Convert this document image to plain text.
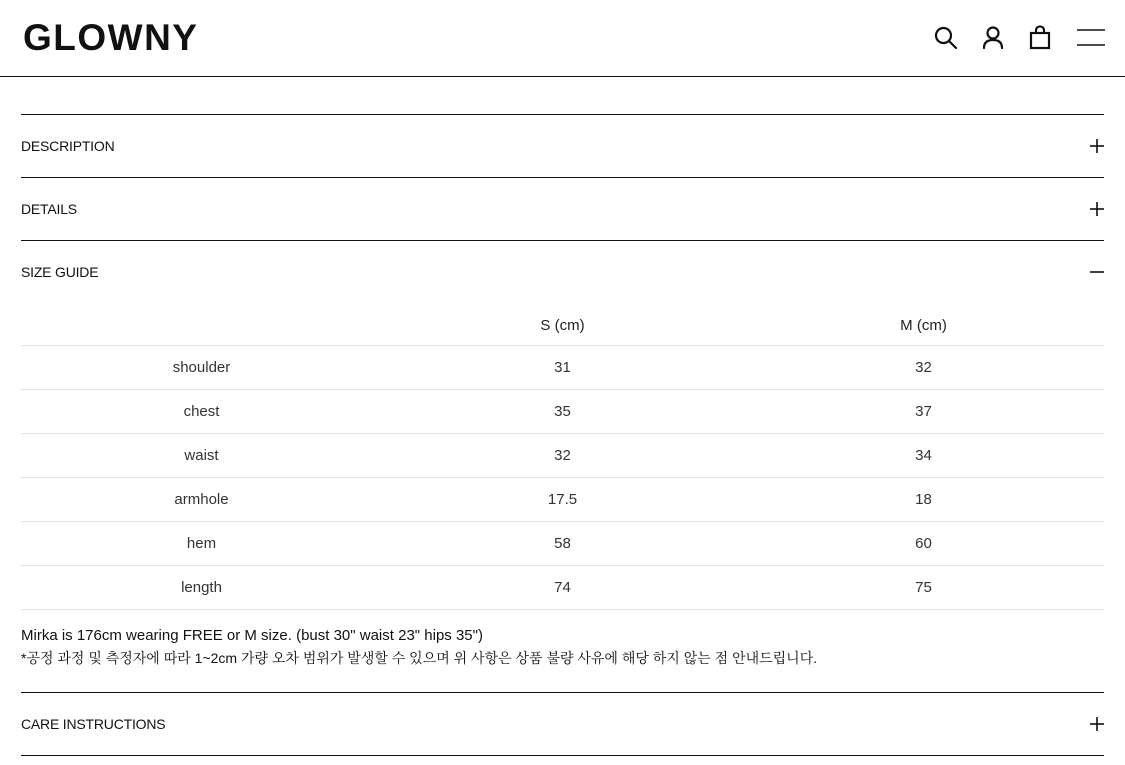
GLOWNY
DESCRIPTION
DETAILS
SIZE GUIDE
	S (cm)	M (cm)
shoulder	31	32
chest	35	37
waist	32	34
armhole	17.5	18
hem	58	60
length	74	75

Mirka is 176cm wearing FREE or M size. (bust 30" waist 23" hips 35")

*공정 과정 및 측정자에 따라 1~2cm 가량 오차 범위가 발생할 수 있으며 위 사항은 상품 불량 사유에 해당 하지 않는 점 안내드립니다.

CARE INSTRUCTIONS
